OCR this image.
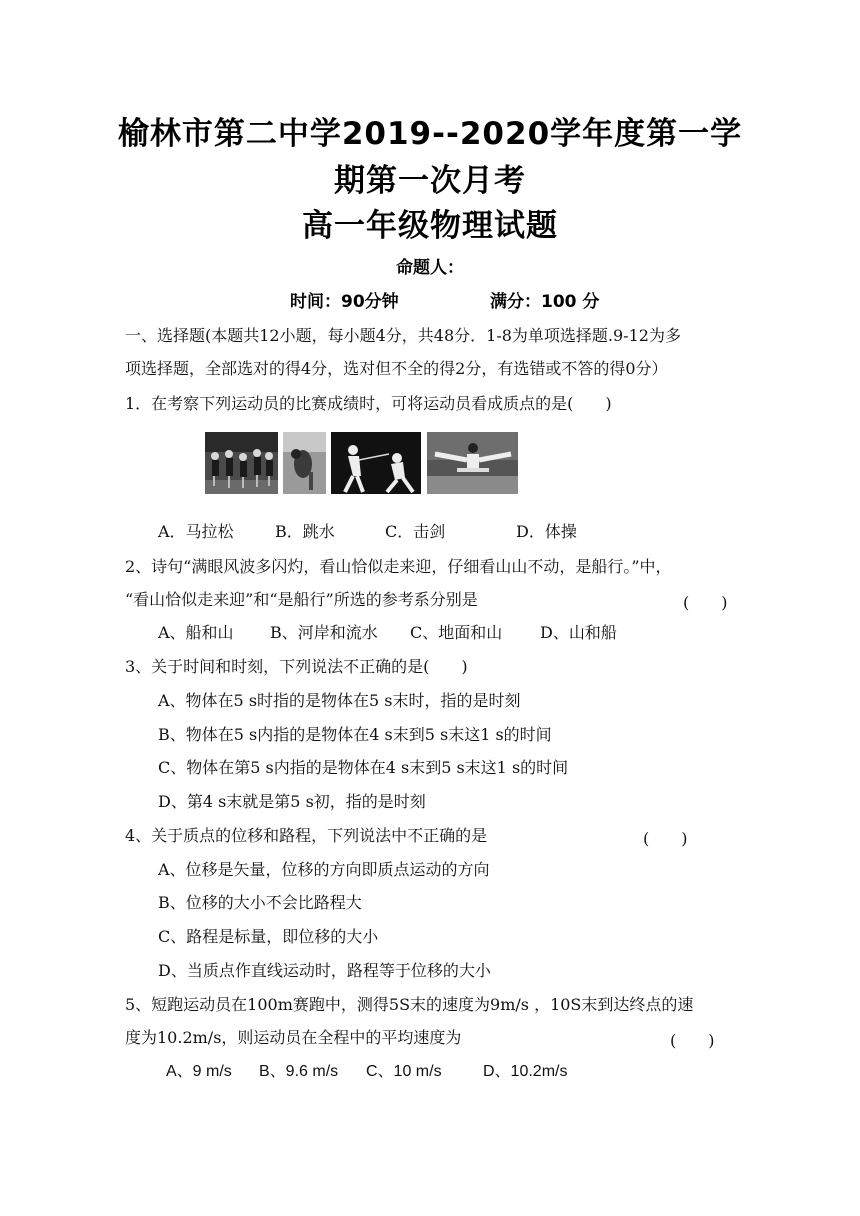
榆林市第二中学2019--2020学年度第一学
期第一次月考
高一年级物理试题
命题人：
时间：90分钟	满分：100 分
一、选择题(本题共12小题，每小题4分，共48分．1-8为单项选择题.9-12为多
项选择题，全部选对的得4分，选对但不全的得2分，有选错或不答的得0分）
1．在考察下列运动员的比赛成绩时，可将运动员看成质点的是(　　)
A．马拉松	B．跳水	C．击剑	D．体操
2、诗句“满眼风波多闪灼，看山恰似走来迎，仔细看山山不动，是船行。”中，
“看山恰似走来迎”和“是船行”所选的参考系分别是	(　　)
A、船和山 B、河岸和流水 C、地面和山 D、山和船
3、关于时间和时刻，下列说法不正确的是(　　)
A、物体在5 s时指的是物体在5 s末时，指的是时刻
B、物体在5 s内指的是物体在4 s末到5 s末这1 s的时间
C、物体在第5 s内指的是物体在4 s末到5 s末这1 s的时间
D、第4 s末就是第5 s初，指的是时刻
4、关于质点的位移和路程，下列说法中不正确的是	(　　)
A、位移是矢量，位移的方向即质点运动的方向
B、位移的大小不会比路程大
C、路程是标量，即位移的大小
D、当质点作直线运动时，路程等于位移的大小
5、短跑运动员在100m赛跑中，测得5S末的速度为9m/s ，10S末到达终点的速
度为10.2m/s，则运动员在全程中的平均速度为	(　　)
A、9 m/s B、9.6 m/s C、10 m/s	D、10.2m/s
